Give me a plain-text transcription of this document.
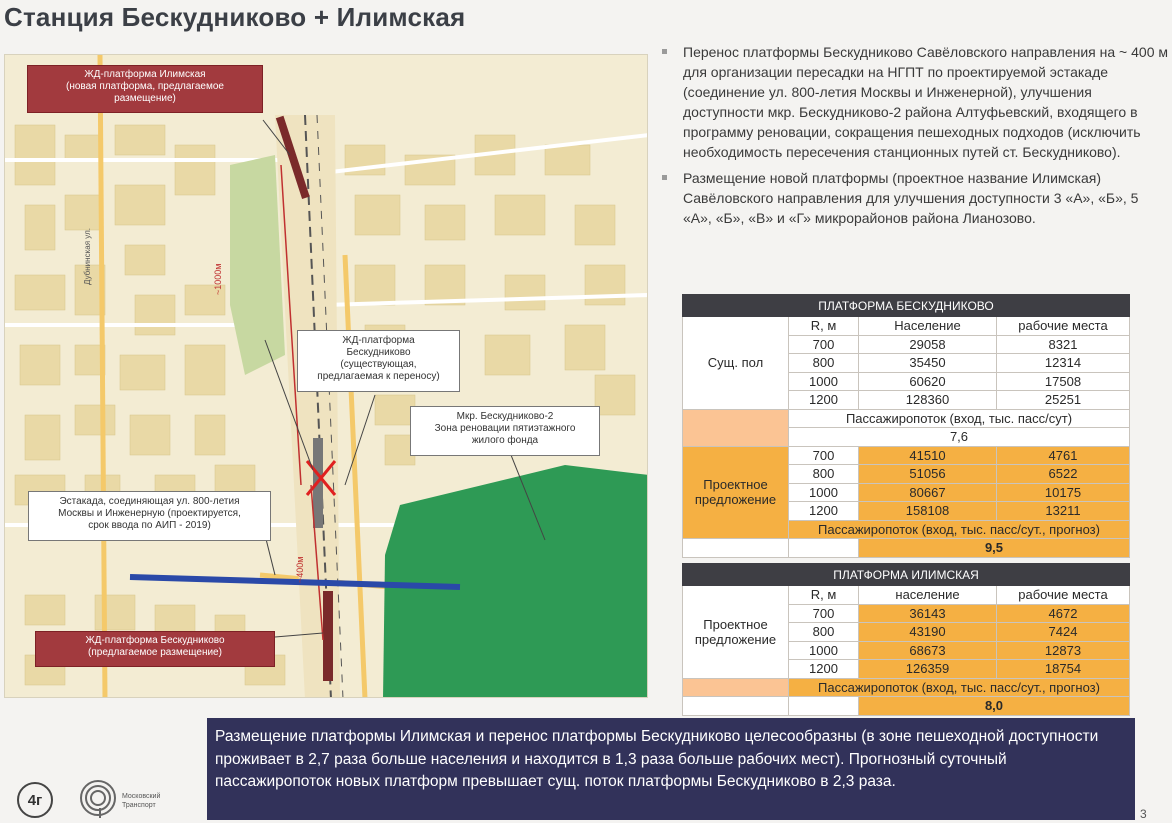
Станция Бескудниково + Илимская
ЖД-платформа Илимская
(новая платформа, предлагаемое
размещение)
ЖД-платформа
Бескудниково
(существующая,
предлагаемая к переносу)
Мкр. Бескудниково-2
Зона реновации пятиэтажного
жилого фонда
Эстакада, соединяющая ул. 800-летия
Москвы и Инженерную (проектируется,
срок ввода по АИП - 2019)
ЖД-платформа Бескудниково
(предлагаемое размещение)
~1000м
~400м
Дубнинская ул.
Перенос платформы Бескудниково Савёловского направления на ~ 400 м для организации пересадки на НГПТ по проектируемой эстакаде (соединение ул. 800-летия Москвы и Инженерной), улучшения доступности мкр. Бескудниково-2 района Алтуфьевский, входящего в программу реновации, сокращения пешеходных подходов (исключить необходимость пересечения станционных путей ст. Бескудниково).
Размещение новой платформы (проектное название Илимская) Савёловского направления для улучшения доступности 3 «А», «Б», 5 «А», «Б», «В» и «Г» микрорайонов района Лианозово.
ПЛАТФОРМА БЕСКУДНИКОВО			
Сущ. пол	R, м	Население	рабочие места
	700	29058	8321
	800	35450	12314
	1000	60620	17508
	1200	128360	25251
	Пассажиропоток (вход, тыс. пасс/сут)		
	7,6		
Проектное предложение	700	41510	4761
	800	51056	6522
	1000	80667	10175
	1200	158108	13211
	Пассажиропоток (вход, тыс. пасс/сут., прогноз)		
		9,5	
ПЛАТФОРМА ИЛИМСКАЯ			
Проектное предложение	R, м	население	рабочие места
	700	36143	4672
	800	43190	7424
	1000	68673	12873
	1200	126359	18754
	Пассажиропоток (вход, тыс. пасс/сут., прогноз)		
		8,0	
Размещение платформы Илимская и перенос платформы Бескудниково целесообразны (в зоне пешеходной доступности проживает в 2,7 раза больше населения и находится в 1,3 раза больше рабочих мест). Прогнозный суточный пассажиропоток новых платформ превышает сущ. поток платформы Бескудниково в 2,3 раза.
4г	Московский
Транспорт
3
